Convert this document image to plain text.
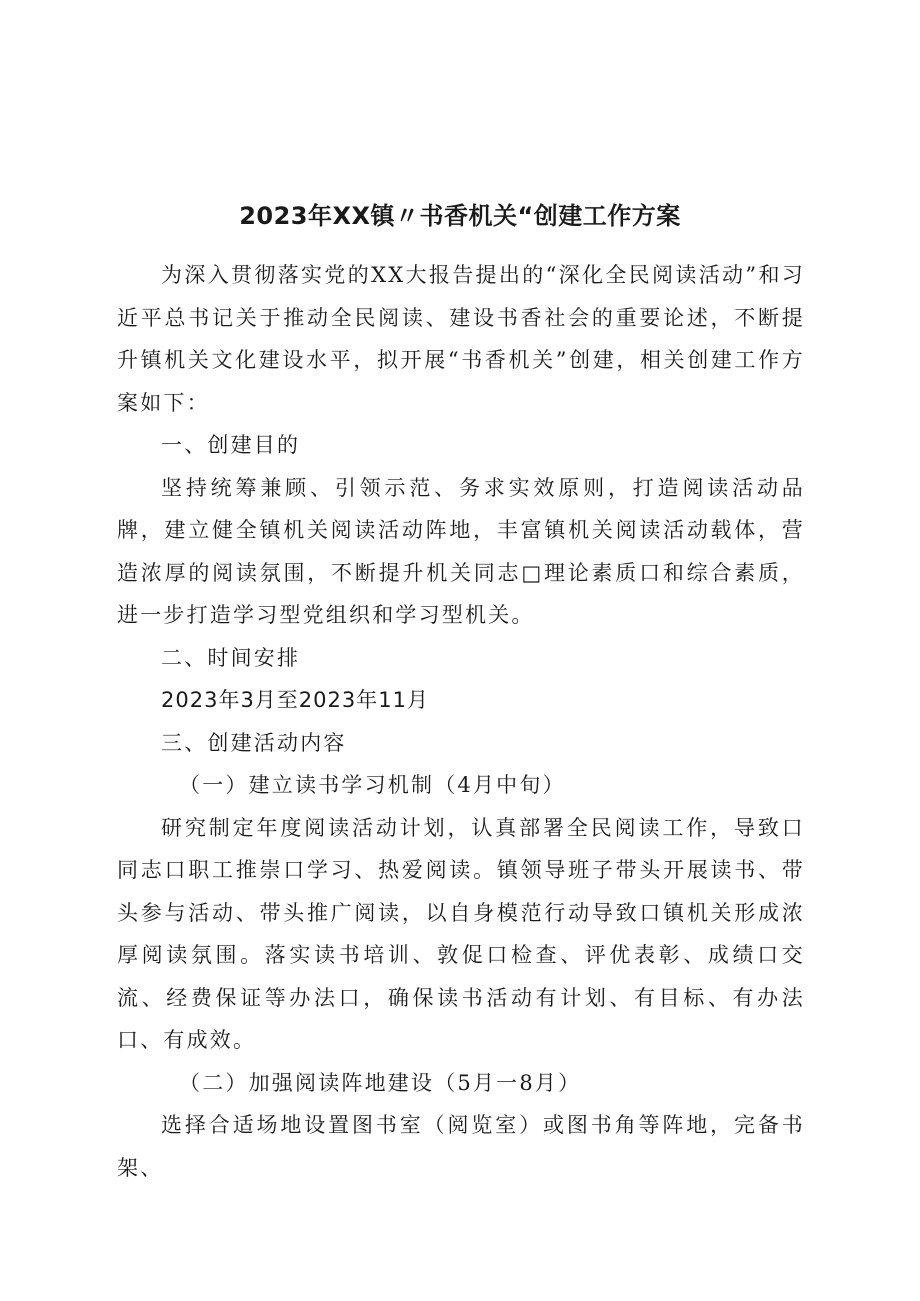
2023年XX镇〃书香机关“创建工作方案

为深入贯彻落实党的XX大报告提出的“深化全民阅读活动”和习近平总书记关于推动全民阅读、建设书香社会的重要论述，不断提升镇机关文化建设水平，拟开展“书香机关”创建，相关创建工作方案如下：

一、创建目的

坚持统筹兼顾、引领示范、务求实效原则，打造阅读活动品牌，建立健全镇机关阅读活动阵地，丰富镇机关阅读活动载体，营造浓厚的阅读氛围，不断提升机关同志□理论素质口和综合素质，进一步打造学习型党组织和学习型机关。

二、时间安排

2023年3月至2023年11月

三、创建活动内容

（一）建立读书学习机制（4月中旬）

研究制定年度阅读活动计划，认真部署全民阅读工作，导致口同志口职工推崇口学习、热爱阅读。镇领导班子带头开展读书、带头参与活动、带头推广阅读，以自身模范行动导致口镇机关形成浓厚阅读氛围。落实读书培训、敦促口检查、评优表彰、成绩口交流、经费保证等办法口，确保读书活动有计划、有目标、有办法口、有成效。

（二）加强阅读阵地建设（5月一8月）

选择合适场地设置图书室（阅览室）或图书角等阵地，完备书架、
